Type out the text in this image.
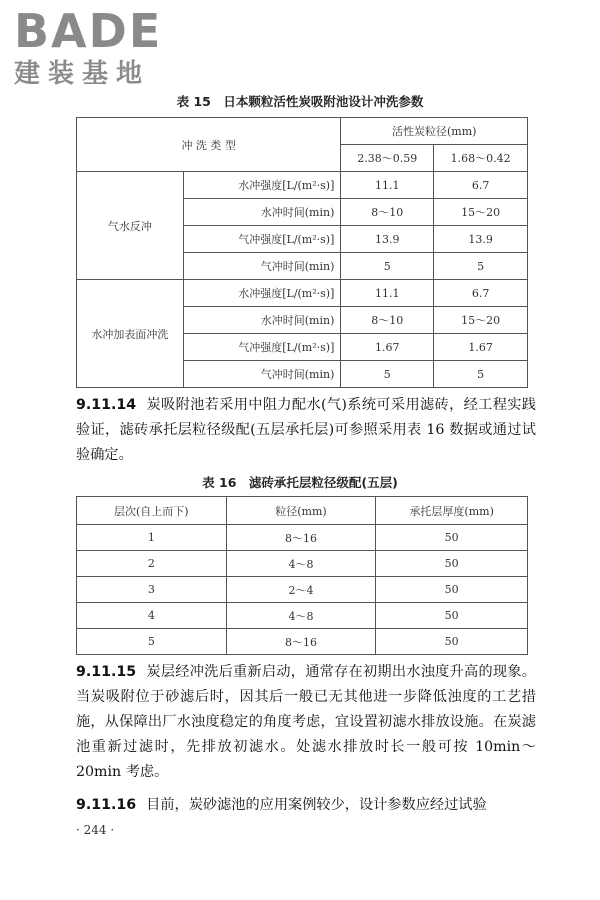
BADE
建装基地
表 15　日本颗粒活性炭吸附池设计冲洗参数
冲 洗 类 型		活性炭粒径(mm)	
		2.38～0.59	1.68～0.42
气水反冲	水冲强度[L/(m²·s)]	11.1	6.7
	水冲时间(min)	8～10	15～20
	气冲强度[L/(m²·s)]	13.9	13.9
	气冲时间(min)	5	5
水冲加表面冲洗	水冲强度[L/(m²·s)]	11.1	6.7
	水冲时间(min)	8～10	15～20
	气冲强度[L/(m²·s)]	1.67	1.67
	气冲时间(min)	5	5
9.11.14 炭吸附池若采用中阻力配水(气)系统可采用滤砖，经工程实践验证，滤砖承托层粒径级配(五层承托层)可参照采用表 16 数据或通过试验确定。
表 16　滤砖承托层粒径级配(五层)
层次(自上而下)	粒径(mm)	承托层厚度(mm)
1	8～16	50
2	4～8	50
3	2～4	50
4	4～8	50
5	8～16	50
9.11.15 炭层经冲洗后重新启动，通常存在初期出水浊度升高的现象。当炭吸附位于砂滤后时，因其后一般已无其他进一步降低浊度的工艺措施，从保障出厂水浊度稳定的角度考虑，宜设置初滤水排放设施。在炭滤池重新过滤时，先排放初滤水。处滤水排放时长一般可按 10min～20min 考虑。
9.11.16 目前，炭砂滤池的应用案例较少，设计参数应经过试验
· 244 ·
